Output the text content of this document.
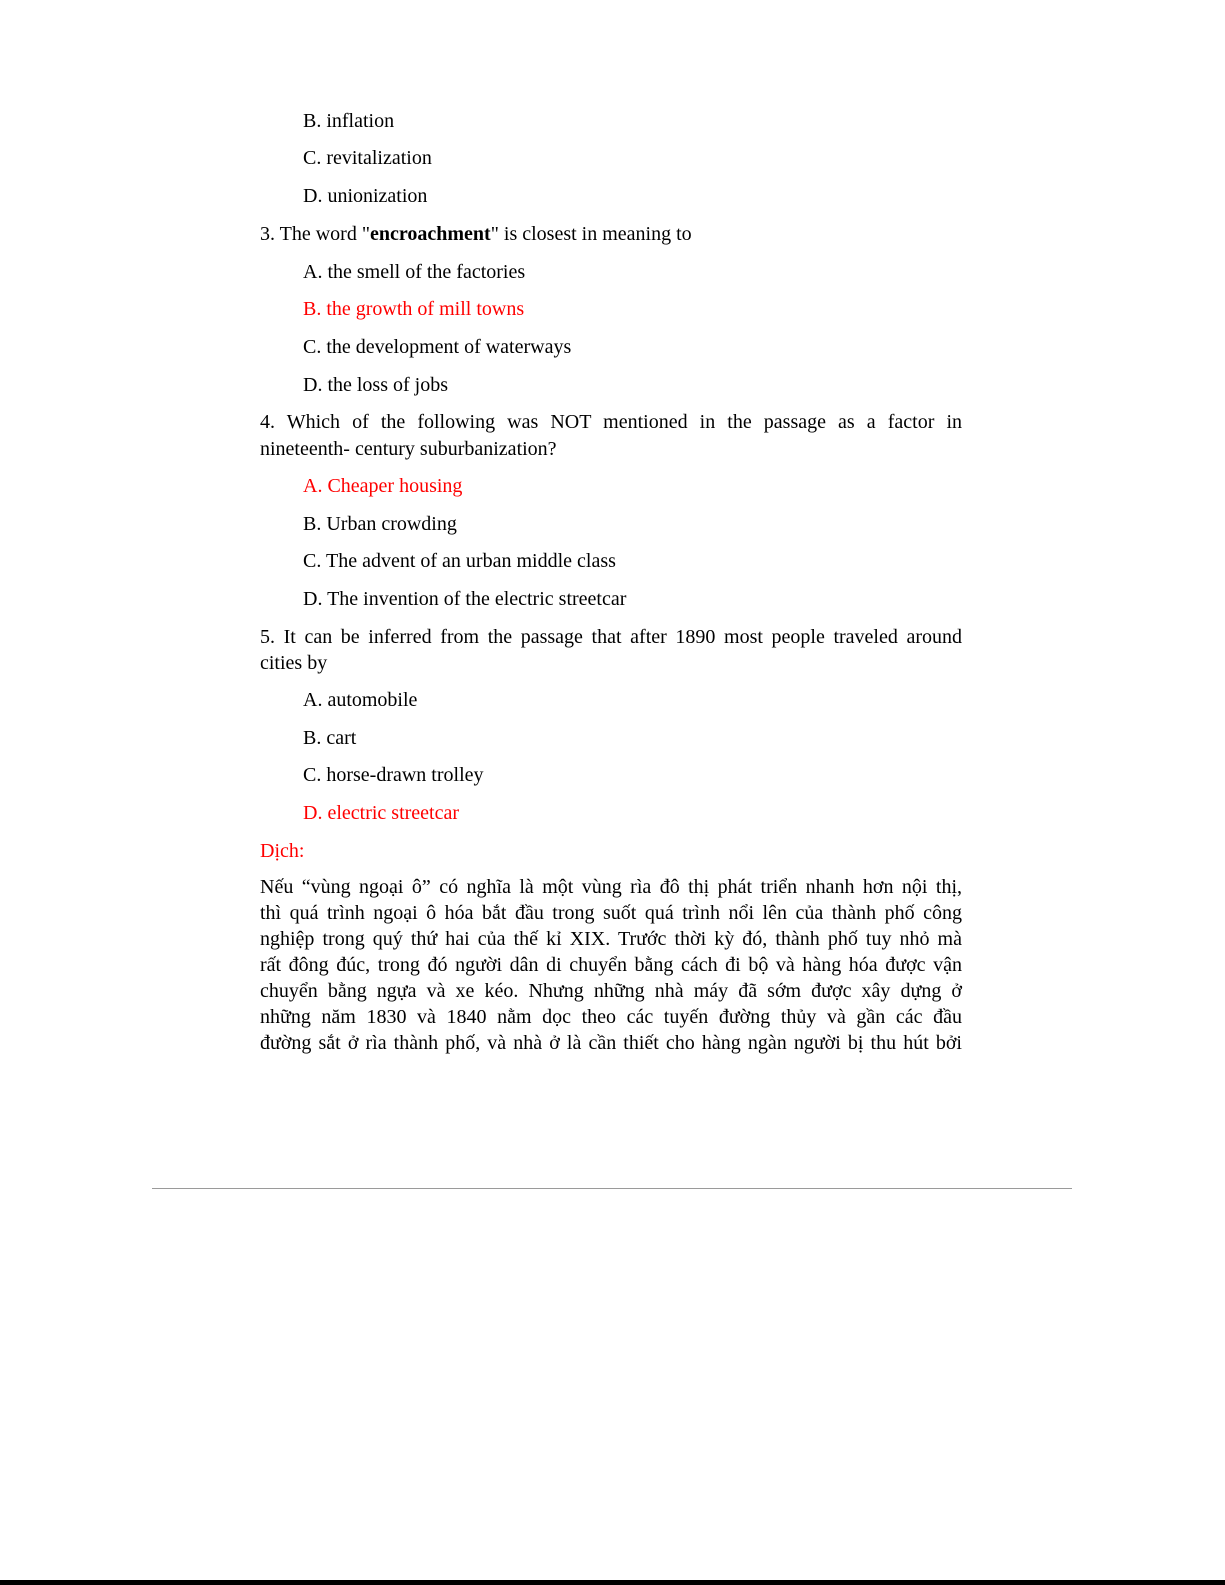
B. inflation
C. revitalization
D. unionization
3. The word "encroachment" is closest in meaning to
A. the smell of the factories
B. the growth of mill towns
C. the development of waterways
D. the loss of jobs
4. Which of the following was NOT mentioned in the passage as a factor in
nineteenth- century suburbanization?
A. Cheaper housing
B. Urban crowding
C. The advent of an urban middle class
D. The invention of the electric streetcar
5. It can be inferred from the passage that after 1890 most people traveled around
cities by
A. automobile
B. cart
C. horse-drawn trolley
D. electric streetcar
Dịch:
Nếu “vùng ngoại ô” có nghĩa là một vùng rìa đô thị phát triển nhanh hơn nội thị,
thì quá trình ngoại ô hóa bắt đầu trong suốt quá trình nổi lên của thành phố công
nghiệp trong quý thứ hai của thế kỉ XIX. Trước thời kỳ đó, thành phố tuy nhỏ mà
rất đông đúc, trong đó người dân di chuyển bằng cách đi bộ và hàng hóa được vận
chuyển bằng ngựa và xe kéo. Nhưng những nhà máy đã sớm được xây dựng ở
những năm 1830 và 1840 nằm dọc theo các tuyến đường thủy và gần các đầu
đường sắt ở rìa thành phố, và nhà ở là cần thiết cho hàng ngàn người bị thu hút bởi
